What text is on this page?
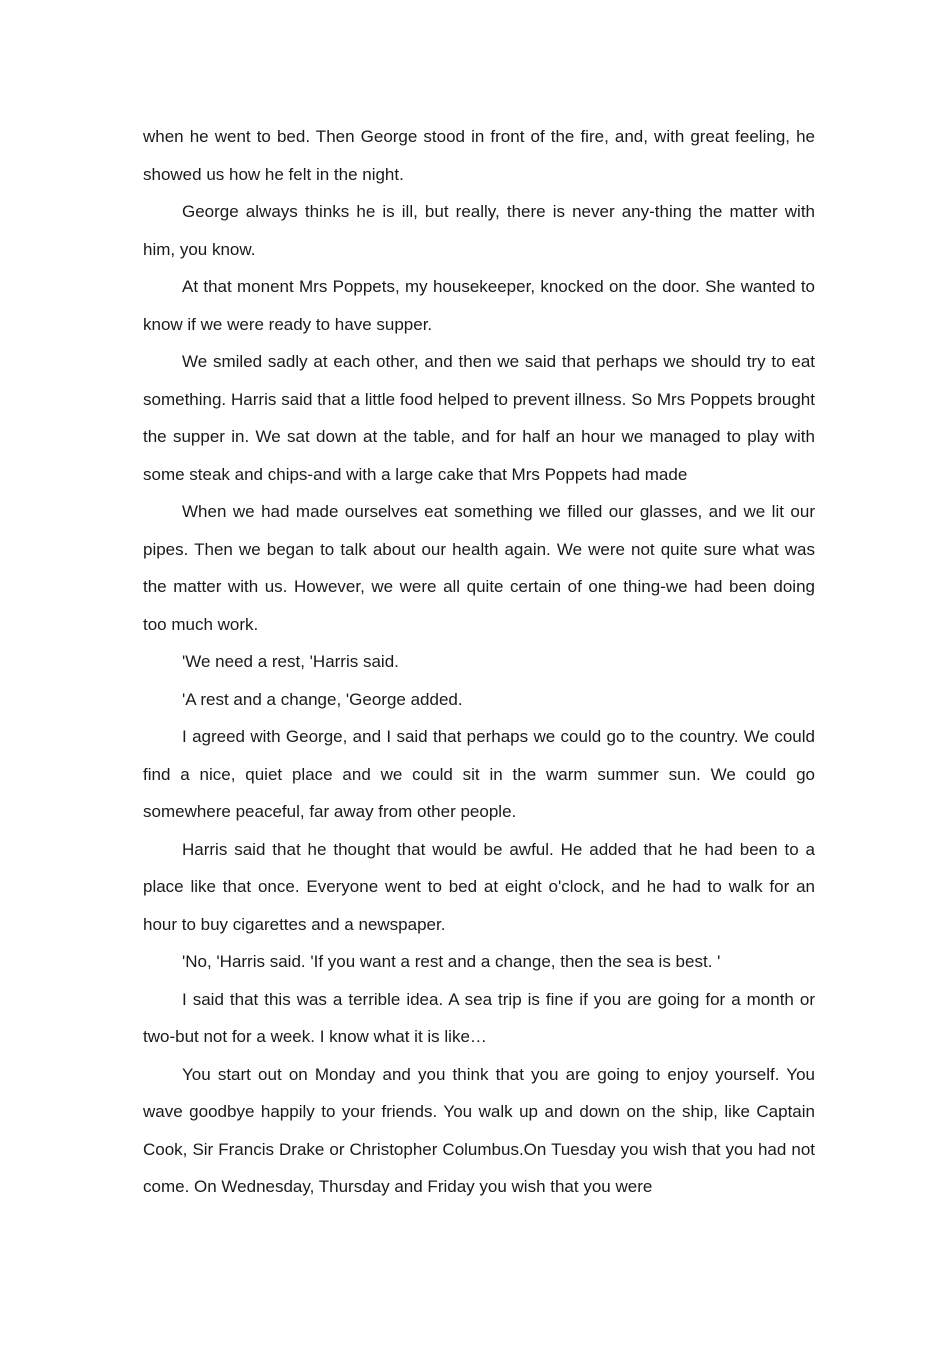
when he went to bed. Then George stood in front of the fire, and, with great feeling, he showed us how he felt in the night.

George always thinks he is ill, but really, there is never any-thing the matter with him, you know.

At that monent Mrs Poppets, my housekeeper, knocked on the door. She wanted to know if we were ready to have supper.

We smiled sadly at each other, and then we said that perhaps we should try to eat something. Harris said that a little food helped to prevent illness. So Mrs Poppets brought the supper in. We sat down at the table, and for half an hour we managed to play with some steak and chips-and with a large cake that Mrs Poppets had made

When we had made ourselves eat something we filled our glasses, and we lit our pipes. Then we began to talk about our health again. We were not quite sure what was the matter with us. However, we were all quite certain of one thing-we had been doing too much work.

'We need a rest, 'Harris said.

'A rest and a change, 'George added.

I agreed with George, and I said that perhaps we could go to the country. We could find a nice, quiet place and we could sit in the warm summer sun. We could go somewhere peaceful, far away from other people.

Harris said that he thought that would be awful. He added that he had been to a place like that once. Everyone went to bed at eight o'clock, and he had to walk for an hour to buy cigarettes and a newspaper.

'No, 'Harris said. 'If you want a rest and a change, then the sea is best. '

I said that this was a terrible idea. A sea trip is fine if you are going for a month or two-but not for a week. I know what it is like…

You start out on Monday and you think that you are going to enjoy yourself. You wave goodbye happily to your friends. You walk up and down on the ship, like Captain Cook, Sir Francis Drake or Christopher Columbus.On Tuesday you wish that you had not come. On Wednesday, Thursday and Friday you wish that you were
